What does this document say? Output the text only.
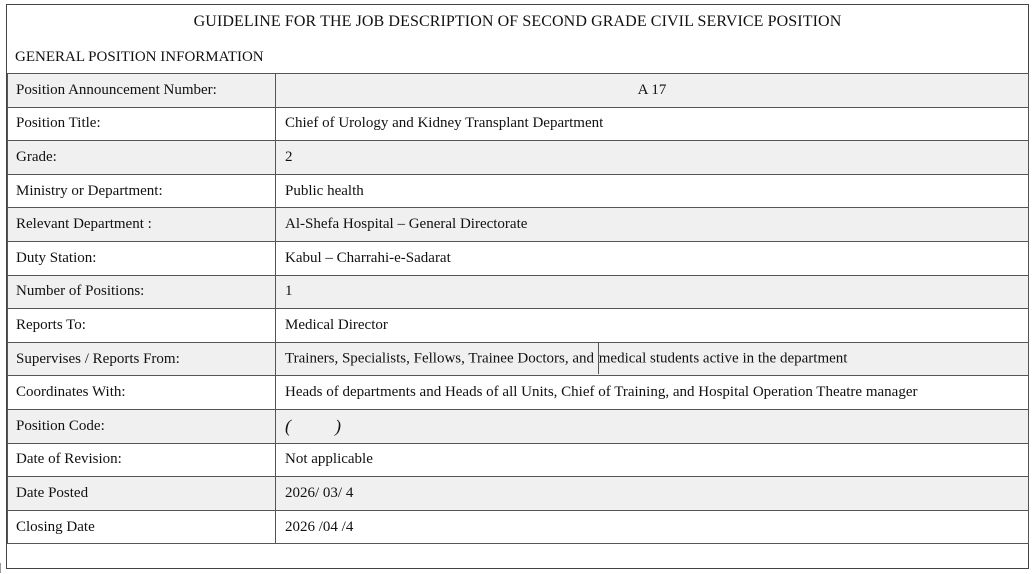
GUIDELINE FOR THE JOB DESCRIPTION OF SECOND GRADE CIVIL SERVICE POSITION
GENERAL POSITION INFORMATION
Position Announcement Number:	A 17
Position Title:	Chief of Urology and Kidney Transplant Department
Grade:	2
Ministry or Department:	Public health
Relevant Department :	Al-Shefa Hospital – General Directorate
Duty Station:	Kabul – Charrahi-e-Sadarat
Number of Positions:	1
Reports To:	Medical Director
Supervises / Reports From:	Trainers, Specialists, Fellows, Trainee Doctors, and medical students active in the department
Coordinates With:	Heads of departments and Heads of all Units, Chief of Training, and Hospital Operation Theatre manager
Position Code:	( )
Date of Revision:	Not applicable
Date Posted	2026/ 03/ 4
Closing Date	2026 /04 /4
